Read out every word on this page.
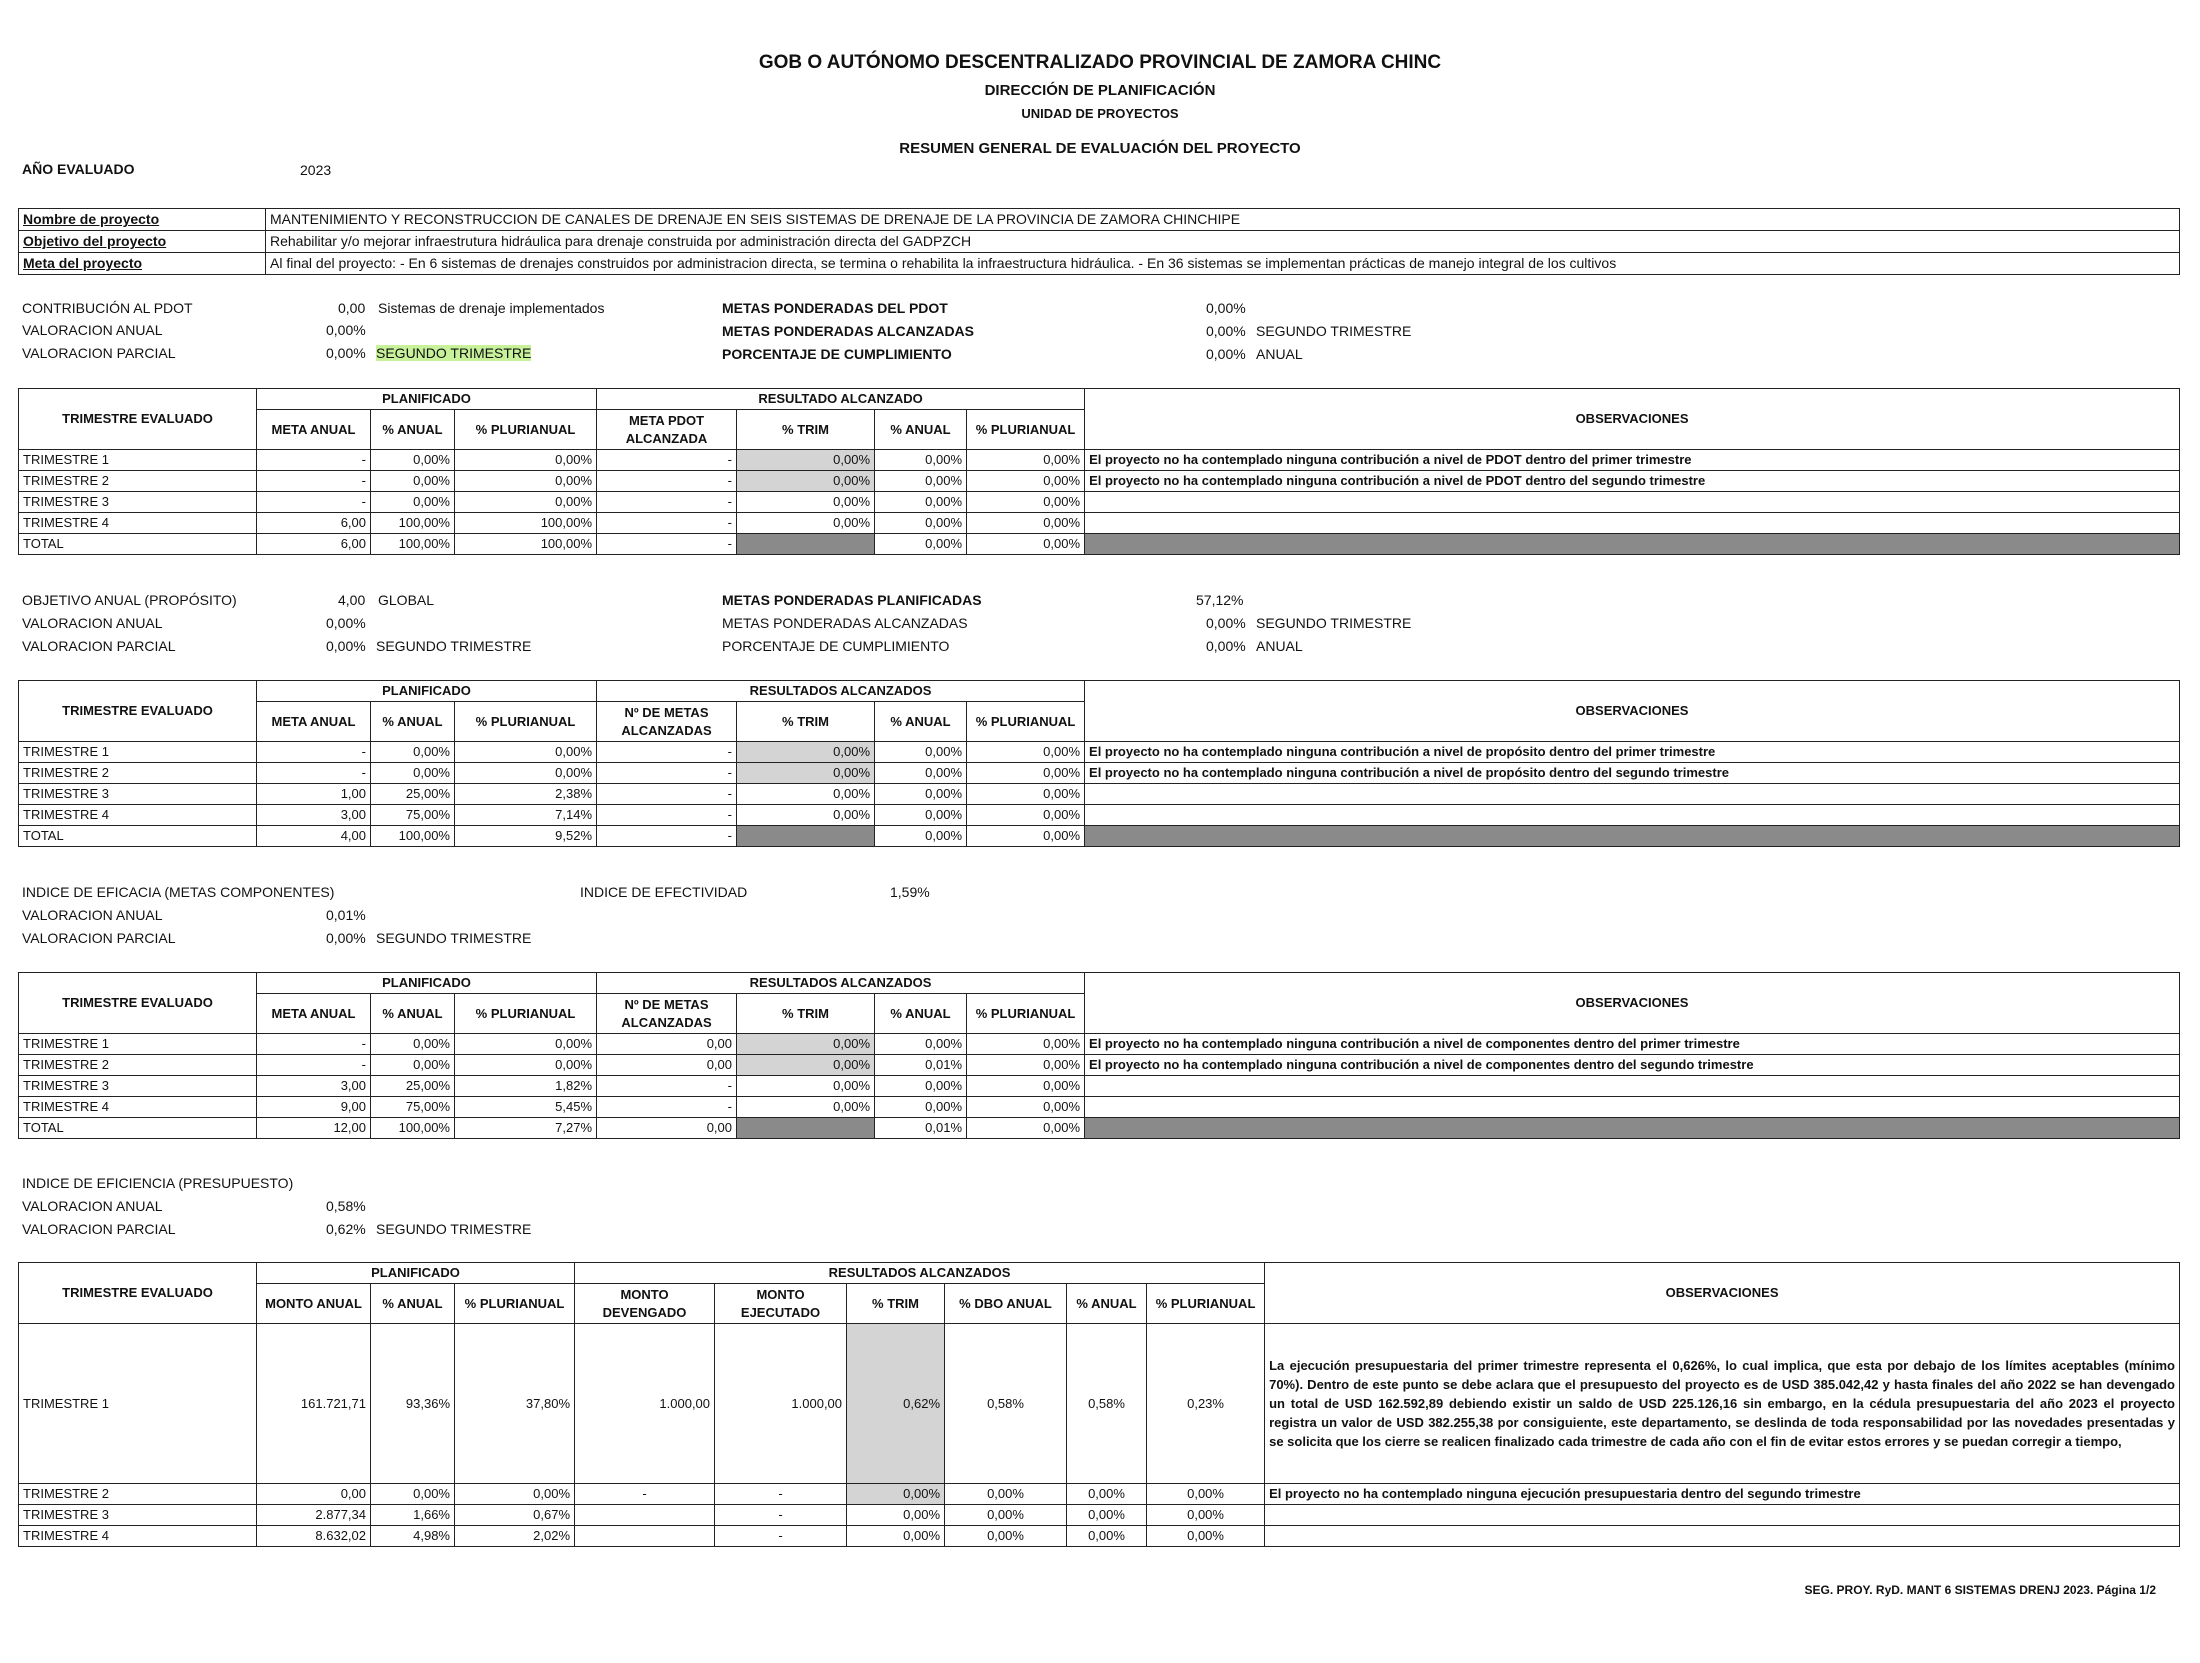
GOB O AUTÓNOMO DESCENTRALIZADO PROVINCIAL DE ZAMORA CHINC
DIRECCIÓN DE PLANIFICACIÓN
UNIDAD DE PROYECTOS
RESUMEN GENERAL DE EVALUACIÓN DEL PROYECTO
AÑO EVALUADO	2023
Nombre de proyecto	MANTENIMIENTO Y RECONSTRUCCION DE CANALES DE DRENAJE EN SEIS SISTEMAS DE DRENAJE DE LA PROVINCIA DE ZAMORA CHINCHIPE
Objetivo del proyecto	Rehabilitar y/o mejorar infraestrutura hidráulica para drenaje construida por administración directa del GADPZCH
Meta del proyecto	Al final del proyecto: - En 6 sistemas de drenajes construidos por administracion directa, se termina o rehabilita la infraestructura hidráulica. - En 36 sistemas se implementan prácticas de manejo integral de los cultivos
CONTRIBUCIÓN AL PDOT	0,00 Sistemas de drenaje implementados
VALORACION ANUAL	0,00%
VALORACION PARCIAL	0,00% SEGUNDO TRIMESTRE
METAS PONDERADAS DEL PDOT	0,00%
METAS PONDERADAS ALCANZADAS	0,00% SEGUNDO TRIMESTRE
PORCENTAJE DE CUMPLIMIENTO	0,00% ANUAL
TRIMESTRE EVALUADO	PLANIFICADO			RESULTADO ALCANZADO				OBSERVACIONES
	META ANUAL	% ANUAL	% PLURIANUAL	META PDOT ALCANZADA	% TRIM	% ANUAL	% PLURIANUAL	
TRIMESTRE 1	-	0,00%	0,00%	-	0,00%	0,00%	0,00%	El proyecto no ha contemplado ninguna contribución a nivel de PDOT dentro del primer trimestre
TRIMESTRE 2	-	0,00%	0,00%	-	0,00%	0,00%	0,00%	El proyecto no ha contemplado ninguna contribución a nivel de PDOT dentro del segundo trimestre
TRIMESTRE 3	-	0,00%	0,00%	-	0,00%	0,00%	0,00%	
TRIMESTRE 4	6,00	100,00%	100,00%	-	0,00%	0,00%	0,00%	
TOTAL	6,00	100,00%	100,00%	-		0,00%	0,00%	
OBJETIVO ANUAL (PROPÓSITO)	4,00 GLOBAL
VALORACION ANUAL	0,00%
VALORACION PARCIAL	0,00% SEGUNDO TRIMESTRE
METAS PONDERADAS PLANIFICADAS	57,12%
METAS PONDERADAS ALCANZADAS	0,00% SEGUNDO TRIMESTRE
PORCENTAJE DE CUMPLIMIENTO	0,00% ANUAL
TRIMESTRE EVALUADO	PLANIFICADO			RESULTADOS ALCANZADOS				OBSERVACIONES
	META ANUAL	% ANUAL	% PLURIANUAL	Nº DE METAS ALCANZADAS	% TRIM	% ANUAL	% PLURIANUAL	
TRIMESTRE 1	-	0,00%	0,00%	-	0,00%	0,00%	0,00%	El proyecto no ha contemplado ninguna contribución a nivel de propósito dentro del primer trimestre
TRIMESTRE 2	-	0,00%	0,00%	-	0,00%	0,00%	0,00%	El proyecto no ha contemplado ninguna contribución a nivel de propósito dentro del segundo trimestre
TRIMESTRE 3	1,00	25,00%	2,38%	-	0,00%	0,00%	0,00%	
TRIMESTRE 4	3,00	75,00%	7,14%	-	0,00%	0,00%	0,00%	
TOTAL	4,00	100,00%	9,52%	-		0,00%	0,00%	
INDICE DE EFICACIA (METAS COMPONENTES)
VALORACION ANUAL	0,01%
VALORACION PARCIAL	0,00% SEGUNDO TRIMESTRE
INDICE DE EFECTIVIDAD	1,59%
TRIMESTRE EVALUADO	PLANIFICADO			RESULTADOS ALCANZADOS				OBSERVACIONES
	META ANUAL	% ANUAL	% PLURIANUAL	Nº DE METAS ALCANZADAS	% TRIM	% ANUAL	% PLURIANUAL	
TRIMESTRE 1	-	0,00%	0,00%	0,00	0,00%	0,00%	0,00%	El proyecto no ha contemplado ninguna contribución a nivel de componentes dentro del primer trimestre
TRIMESTRE 2	-	0,00%	0,00%	0,00	0,00%	0,01%	0,00%	El proyecto no ha contemplado ninguna contribución a nivel de componentes dentro del segundo trimestre
TRIMESTRE 3	3,00	25,00%	1,82%	-	0,00%	0,00%	0,00%	
TRIMESTRE 4	9,00	75,00%	5,45%	-	0,00%	0,00%	0,00%	
TOTAL	12,00	100,00%	7,27%	0,00		0,01%	0,00%	
INDICE DE EFICIENCIA (PRESUPUESTO)
VALORACION ANUAL	0,58%
VALORACION PARCIAL	0,62% SEGUNDO TRIMESTRE
TRIMESTRE EVALUADO	PLANIFICADO			RESULTADOS ALCANZADOS						OBSERVACIONES
	MONTO ANUAL	% ANUAL	% PLURIANUAL	MONTO DEVENGADO	MONTO EJECUTADO	% TRIM	% DBO ANUAL	% ANUAL	% PLURIANUAL	
TRIMESTRE 1	161.721,71	93,36%	37,80%	1.000,00	1.000,00	0,62%	0,58%	0,58%	0,23%	La ejecución presupuestaria del primer trimestre representa el 0,626%, lo cual implica, que esta por debajo de los límites aceptables (mínimo 70%). Dentro de este punto se debe aclara que el presupuesto del proyecto es de USD 385.042,42 y hasta finales del año 2022 se han devengado un total de USD 162.592,89 debiendo existir un saldo de USD 225.126,16 sin embargo, en la cédula presupuestaria del año 2023 el proyecto registra un valor de USD 382.255,38 por consiguiente, este departamento, se deslinda de toda responsabilidad por las novedades presentadas y se solicita que los cierre se realicen finalizado cada trimestre de cada año con el fin de evitar estos errores y se puedan corregir a tiempo,
TRIMESTRE 2	0,00	0,00%	0,00%	-	-	0,00%	0,00%	0,00%	0,00%	El proyecto no ha contemplado ninguna ejecución presupuestaria dentro del segundo trimestre
TRIMESTRE 3	2.877,34	1,66%	0,67%		-	0,00%	0,00%	0,00%	0,00%	
TRIMESTRE 4	8.632,02	4,98%	2,02%		-	0,00%	0,00%	0,00%	0,00%	
SEG. PROY. RyD. MANT 6 SISTEMAS DRENJ 2023. Página 1/2
